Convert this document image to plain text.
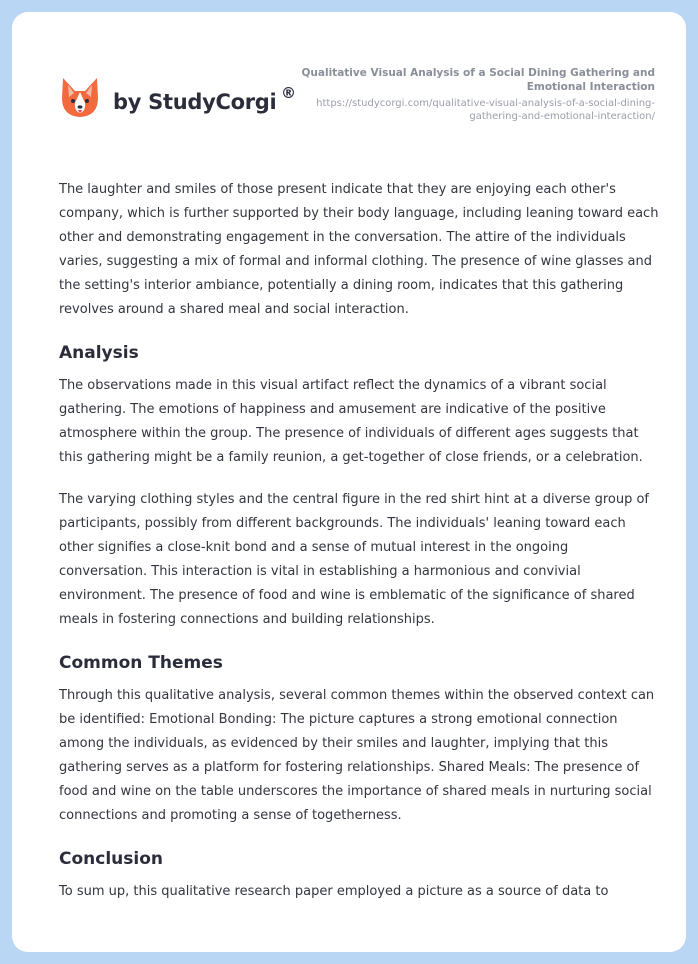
by StudyCorgi ®
Qualitative Visual Analysis of a Social Dining Gathering and Emotional Interaction
https://studycorgi.com/qualitative-visual-analysis-of-a-social-dining-gathering-and-emotional-interaction/

The laughter and smiles of those present indicate that they are enjoying each other's company, which is further supported by their body language, including leaning toward each other and demonstrating engagement in the conversation. The attire of the individuals varies, suggesting a mix of formal and informal clothing. The presence of wine glasses and the setting's interior ambiance, potentially a dining room, indicates that this gathering revolves around a shared meal and social interaction.

Analysis

The observations made in this visual artifact reflect the dynamics of a vibrant social gathering. The emotions of happiness and amusement are indicative of the positive atmosphere within the group. The presence of individuals of different ages suggests that this gathering might be a family reunion, a get-together of close friends, or a celebration.

The varying clothing styles and the central figure in the red shirt hint at a diverse group of participants, possibly from different backgrounds. The individuals' leaning toward each other signifies a close-knit bond and a sense of mutual interest in the ongoing conversation. This interaction is vital in establishing a harmonious and convivial environment. The presence of food and wine is emblematic of the significance of shared meals in fostering connections and building relationships.

Common Themes

Through this qualitative analysis, several common themes within the observed context can be identified: Emotional Bonding: The picture captures a strong emotional connection among the individuals, as evidenced by their smiles and laughter, implying that this gathering serves as a platform for fostering relationships. Shared Meals: The presence of food and wine on the table underscores the importance of shared meals in nurturing social connections and promoting a sense of togetherness.

Conclusion

To sum up, this qualitative research paper employed a picture as a source of data to
